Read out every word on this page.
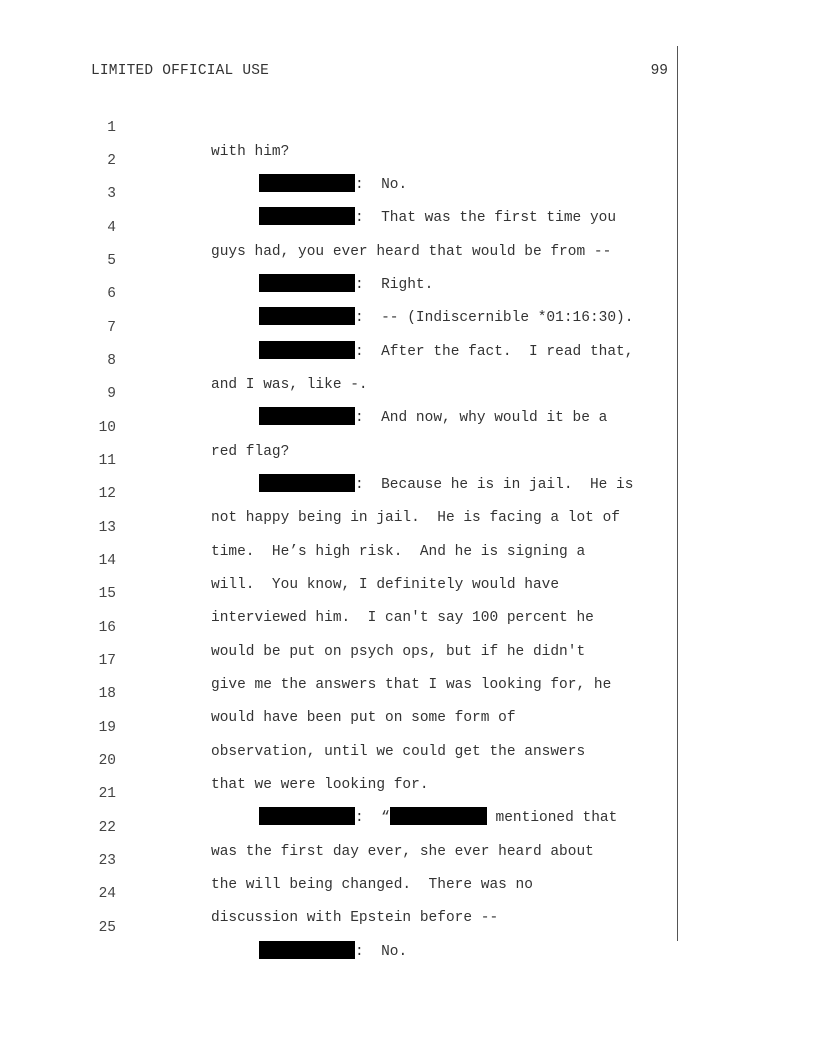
LIMITED OFFICIAL USE	99

1

with him?

2

:  No.

3

:  That was the first time you

4

guys had, you ever heard that would be from --

5

:  Right.

6

:  -- (Indiscernible *01:16:30).

7

:  After the fact.  I read that,

8

and I was, like -.

9

:  And now, why would it be a

10

red flag?

11

:  Because he is in jail.  He is

12

not happy being in jail.  He is facing a lot of

13

time.  He’s high risk.  And he is signing a

14

will.  You know, I definitely would have

15

interviewed him.  I can't say 100 percent he

16

would be put on psych ops, but if he didn't

17

give me the answers that I was looking for, he

18

would have been put on some form of

19

observation, until we could get the answers

20

that we were looking for.

21

:  “	mentioned that

22

was the first day ever, she ever heard about

23

the will being changed.  There was no

24

discussion with Epstein before --

25

:  No.
